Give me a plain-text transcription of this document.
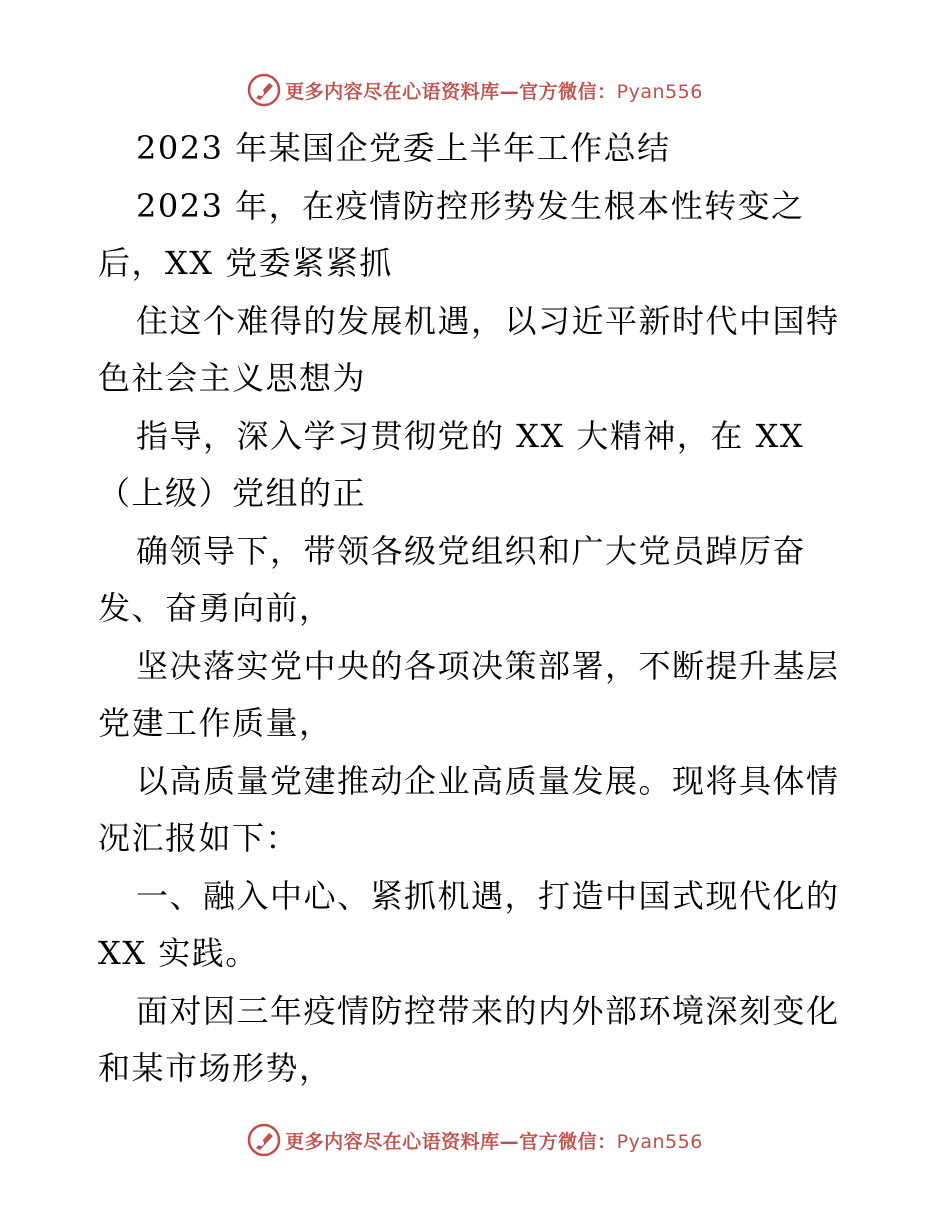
更多内容尽在心语资料库—官方微信：Pyan556
2023 年某国企党委上半年工作总结
2023 年，在疫情防控形势发生根本性转变之
后，XX 党委紧紧抓
住这个难得的发展机遇，以习近平新时代中国特
色社会主义思想为
指导，深入学习贯彻党的 XX 大精神，在 XX
（上级）党组的正
确领导下，带领各级党组织和广大党员踔厉奋
发、奋勇向前，
坚决落实党中央的各项决策部署，不断提升基层
党建工作质量，
以高质量党建推动企业高质量发展。现将具体情
况汇报如下：
一、融入中心、紧抓机遇，打造中国式现代化的
XX 实践。
面对因三年疫情防控带来的内外部环境深刻变化
和某市场形势，
更多内容尽在心语资料库—官方微信：Pyan556
